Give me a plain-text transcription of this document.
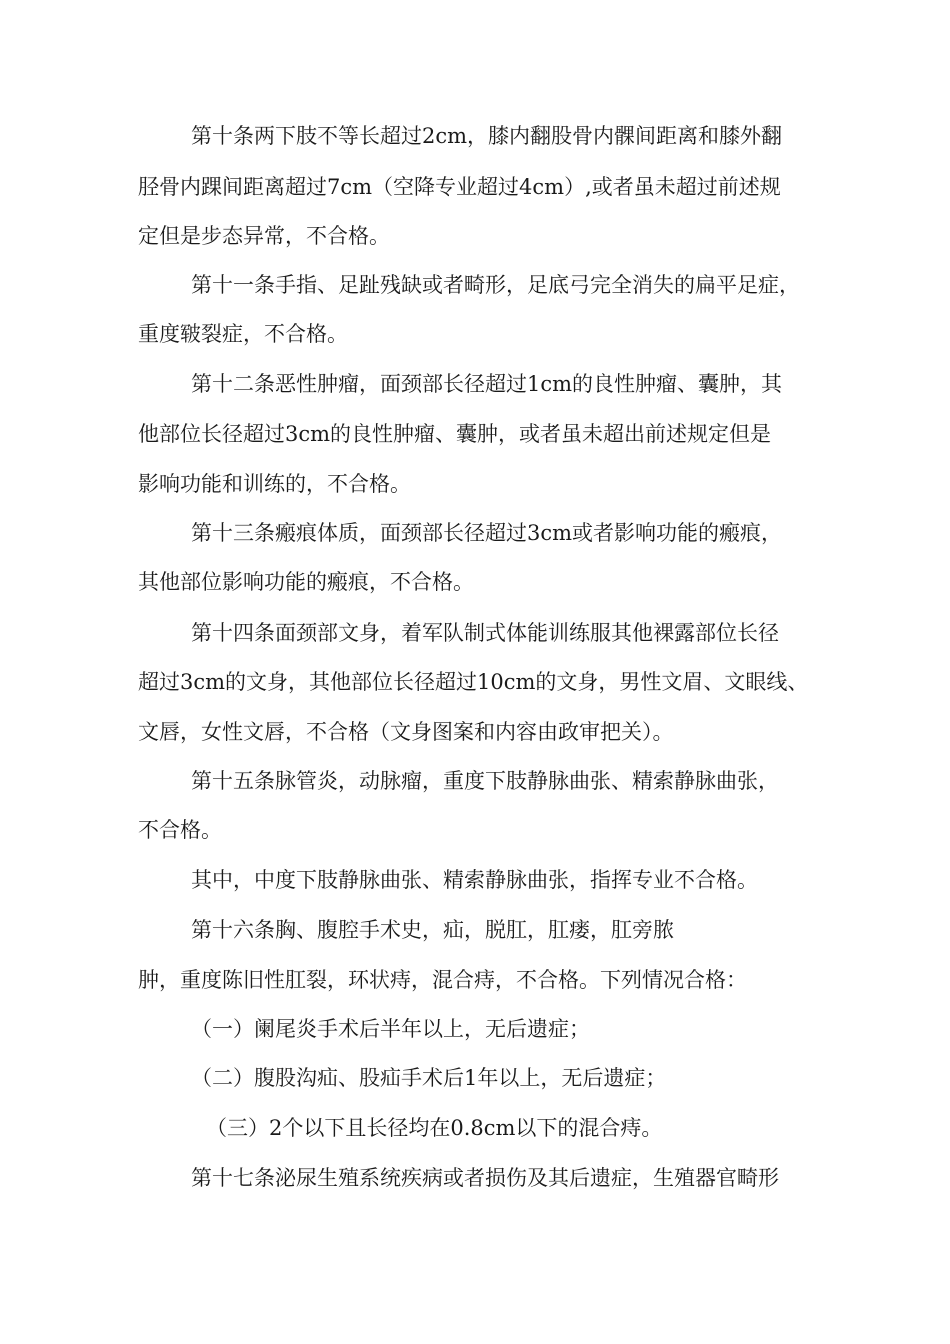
第十条两下肢不等长超过2cm，膝内翻股骨内髁间距离和膝外翻
胫骨内踝间距离超过7cm（空降专业超过4cm）,或者虽未超过前述规
定但是步态异常，不合格。
第十一条手指、足趾残缺或者畸形，足底弓完全消失的扁平足症，
重度皲裂症，不合格。
第十二条恶性肿瘤，面颈部长径超过1cm的良性肿瘤、囊肿，其
他部位长径超过3cm的良性肿瘤、囊肿，或者虽未超出前述规定但是
影响功能和训练的，不合格。
第十三条瘢痕体质，面颈部长径超过3cm或者影响功能的瘢痕，
其他部位影响功能的瘢痕，不合格。
第十四条面颈部文身，着军队制式体能训练服其他裸露部位长径
超过3cm的文身，其他部位长径超过10cm的文身，男性文眉、文眼线、
文唇，女性文唇，不合格（文身图案和内容由政审把关）。
第十五条脉管炎，动脉瘤，重度下肢静脉曲张、精索静脉曲张，
不合格。
其中，中度下肢静脉曲张、精索静脉曲张，指挥专业不合格。
第十六条胸、腹腔手术史，疝，脱肛，肛瘘，肛旁脓
肿，重度陈旧性肛裂，环状痔，混合痔，不合格。下列情况合格：
（一）阑尾炎手术后半年以上，无后遗症；
（二）腹股沟疝、股疝手术后1年以上，无后遗症；
（三）2个以下且长径均在0.8cm以下的混合痔。
第十七条泌尿生殖系统疾病或者损伤及其后遗症，生殖器官畸形
